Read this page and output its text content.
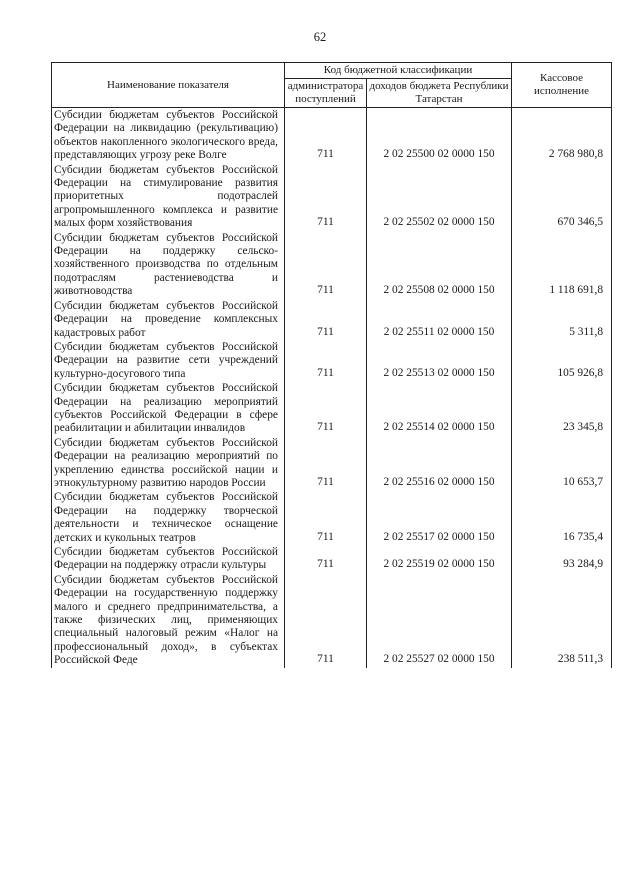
62
Наименование показателя	Код бюджетной классификации		Кассовое исполнение
	администратора поступлений	доходов бюджета Республики Татарстан	
Субсидии бюджетам субъектов Российской Федерации на ликвидацию (рекультивацию) объектов накопленного экологического вреда, представляющих угрозу реке Волге	711	2 02 25500 02 0000 150	2 768 980,8
Субсидии бюджетам субъектов Российской Федерации на стимулирование развития приоритетных подотраслей агропромышленного комплекса и развитие малых форм хозяйствования	711	2 02 25502 02 0000 150	670 346,5
Субсидии бюджетам субъектов Российской Федерации на поддержку сельскохозяйственного производства по отдельным подотраслям растениеводства и животноводства	711	2 02 25508 02 0000 150	1 118 691,8
Субсидии бюджетам субъектов Российской Федерации на проведение комплексных кадастровых работ	711	2 02 25511 02 0000 150	5 311,8
Субсидии бюджетам субъектов Российской Федерации на развитие сети учреждений культурно-досугового типа	711	2 02 25513 02 0000 150	105 926,8
Субсидии бюджетам субъектов Российской Федерации на реализацию мероприятий субъектов Российской Федерации в сфере реабилитации и абилитации инвалидов	711	2 02 25514 02 0000 150	23 345,8
Субсидии бюджетам субъектов Российской Федерации на реализацию мероприятий по укреплению единства российской нации и этнокультурному развитию народов России	711	2 02 25516 02 0000 150	10 653,7
Субсидии бюджетам субъектов Российской Федерации на поддержку творческой деятельности и техническое оснащение детских и кукольных театров	711	2 02 25517 02 0000 150	16 735,4
Субсидии бюджетам субъектов Российской Федерации на поддержку отрасли культуры	711	2 02 25519 02 0000 150	93 284,9
Субсидии бюджетам субъектов Российской Федерации на государственную поддержку малого и среднего предпринимательства, а также физических лиц, применяющих специальный налоговый режим «Налог на профессиональный доход», в субъектах Российской Феде	711	2 02 25527 02 0000 150	238 511,3
